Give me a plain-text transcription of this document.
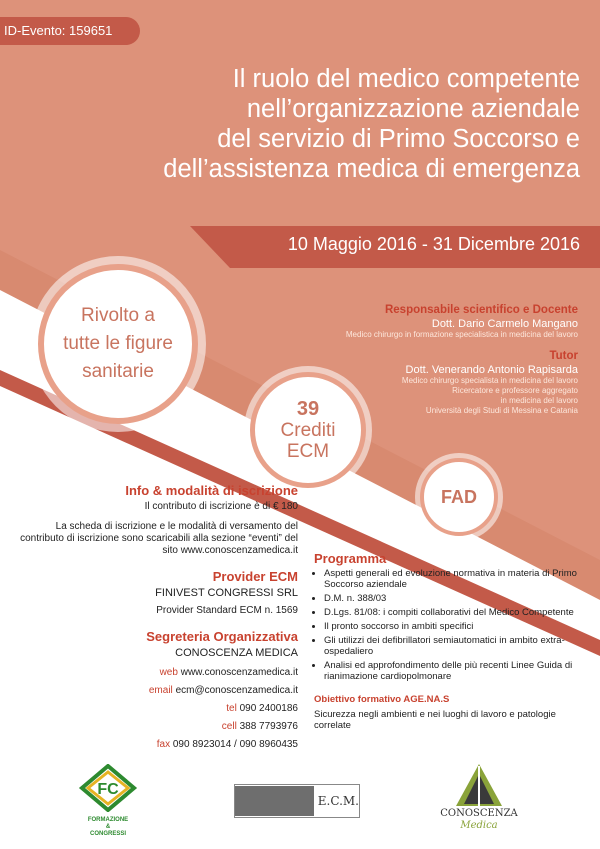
ID-Evento: 159651
Il ruolo del medico competente
nell’organizzazione aziendale
del servizio di Primo Soccorso e
dell’assistenza medica di emergenza
10 Maggio 2016 - 31 Dicembre 2016
Rivolto a
tutte le figure
sanitarie
39
Crediti
ECM
FAD
Responsabile scientifico e Docente
Dott. Dario Carmelo Mangano
Medico chirurgo in formazione specialistica in medicina del lavoro
Tutor
Dott. Venerando Antonio Rapisarda
Medico chirurgo specialista in medicina del lavoro
Ricercatore e professore aggregato
in medicina del lavoro
Università degli Studi di Messina e Catania
Info & modalità di iscrizione
Il contributo di iscrizione è di € 180
La scheda di iscrizione e le modalità di versamento del contributo di iscrizione sono scaricabili alla sezione “eventi” del sito www.conoscenzamedica.it
Provider ECM
FINIVEST CONGRESSI SRL
Provider Standard ECM n. 1569
Segreteria Organizzativa
CONOSCENZA MEDICA
web www.conoscenzamedica.it
email ecm@conoscenzamedica.it
tel 090 2400186
cell 388 7793976
fax 090 8923014 / 090 8960435
Programma
• Aspetti generali ed evoluzione normativa in materia di Primo Soccorso aziendale
• D.M. n. 388/03
• D.Lgs. 81/08: i compiti collaborativi del Medico Competente
• Il pronto soccorso in ambiti specifici
• Gli utilizzi dei defibrillatori semiautomatici in ambito extra-ospedaliero
• Analisi ed approfondimento delle più recenti Linee Guida di rianimazione cardiopolmonare
Obiettivo formativo AGE.NA.S
Sicurezza negli ambienti e nei luoghi di lavoro e patologie correlate
FC
FORMAZIONE
&
CONGRESSI
E.C.M.
CONOSCENZA
Medica
